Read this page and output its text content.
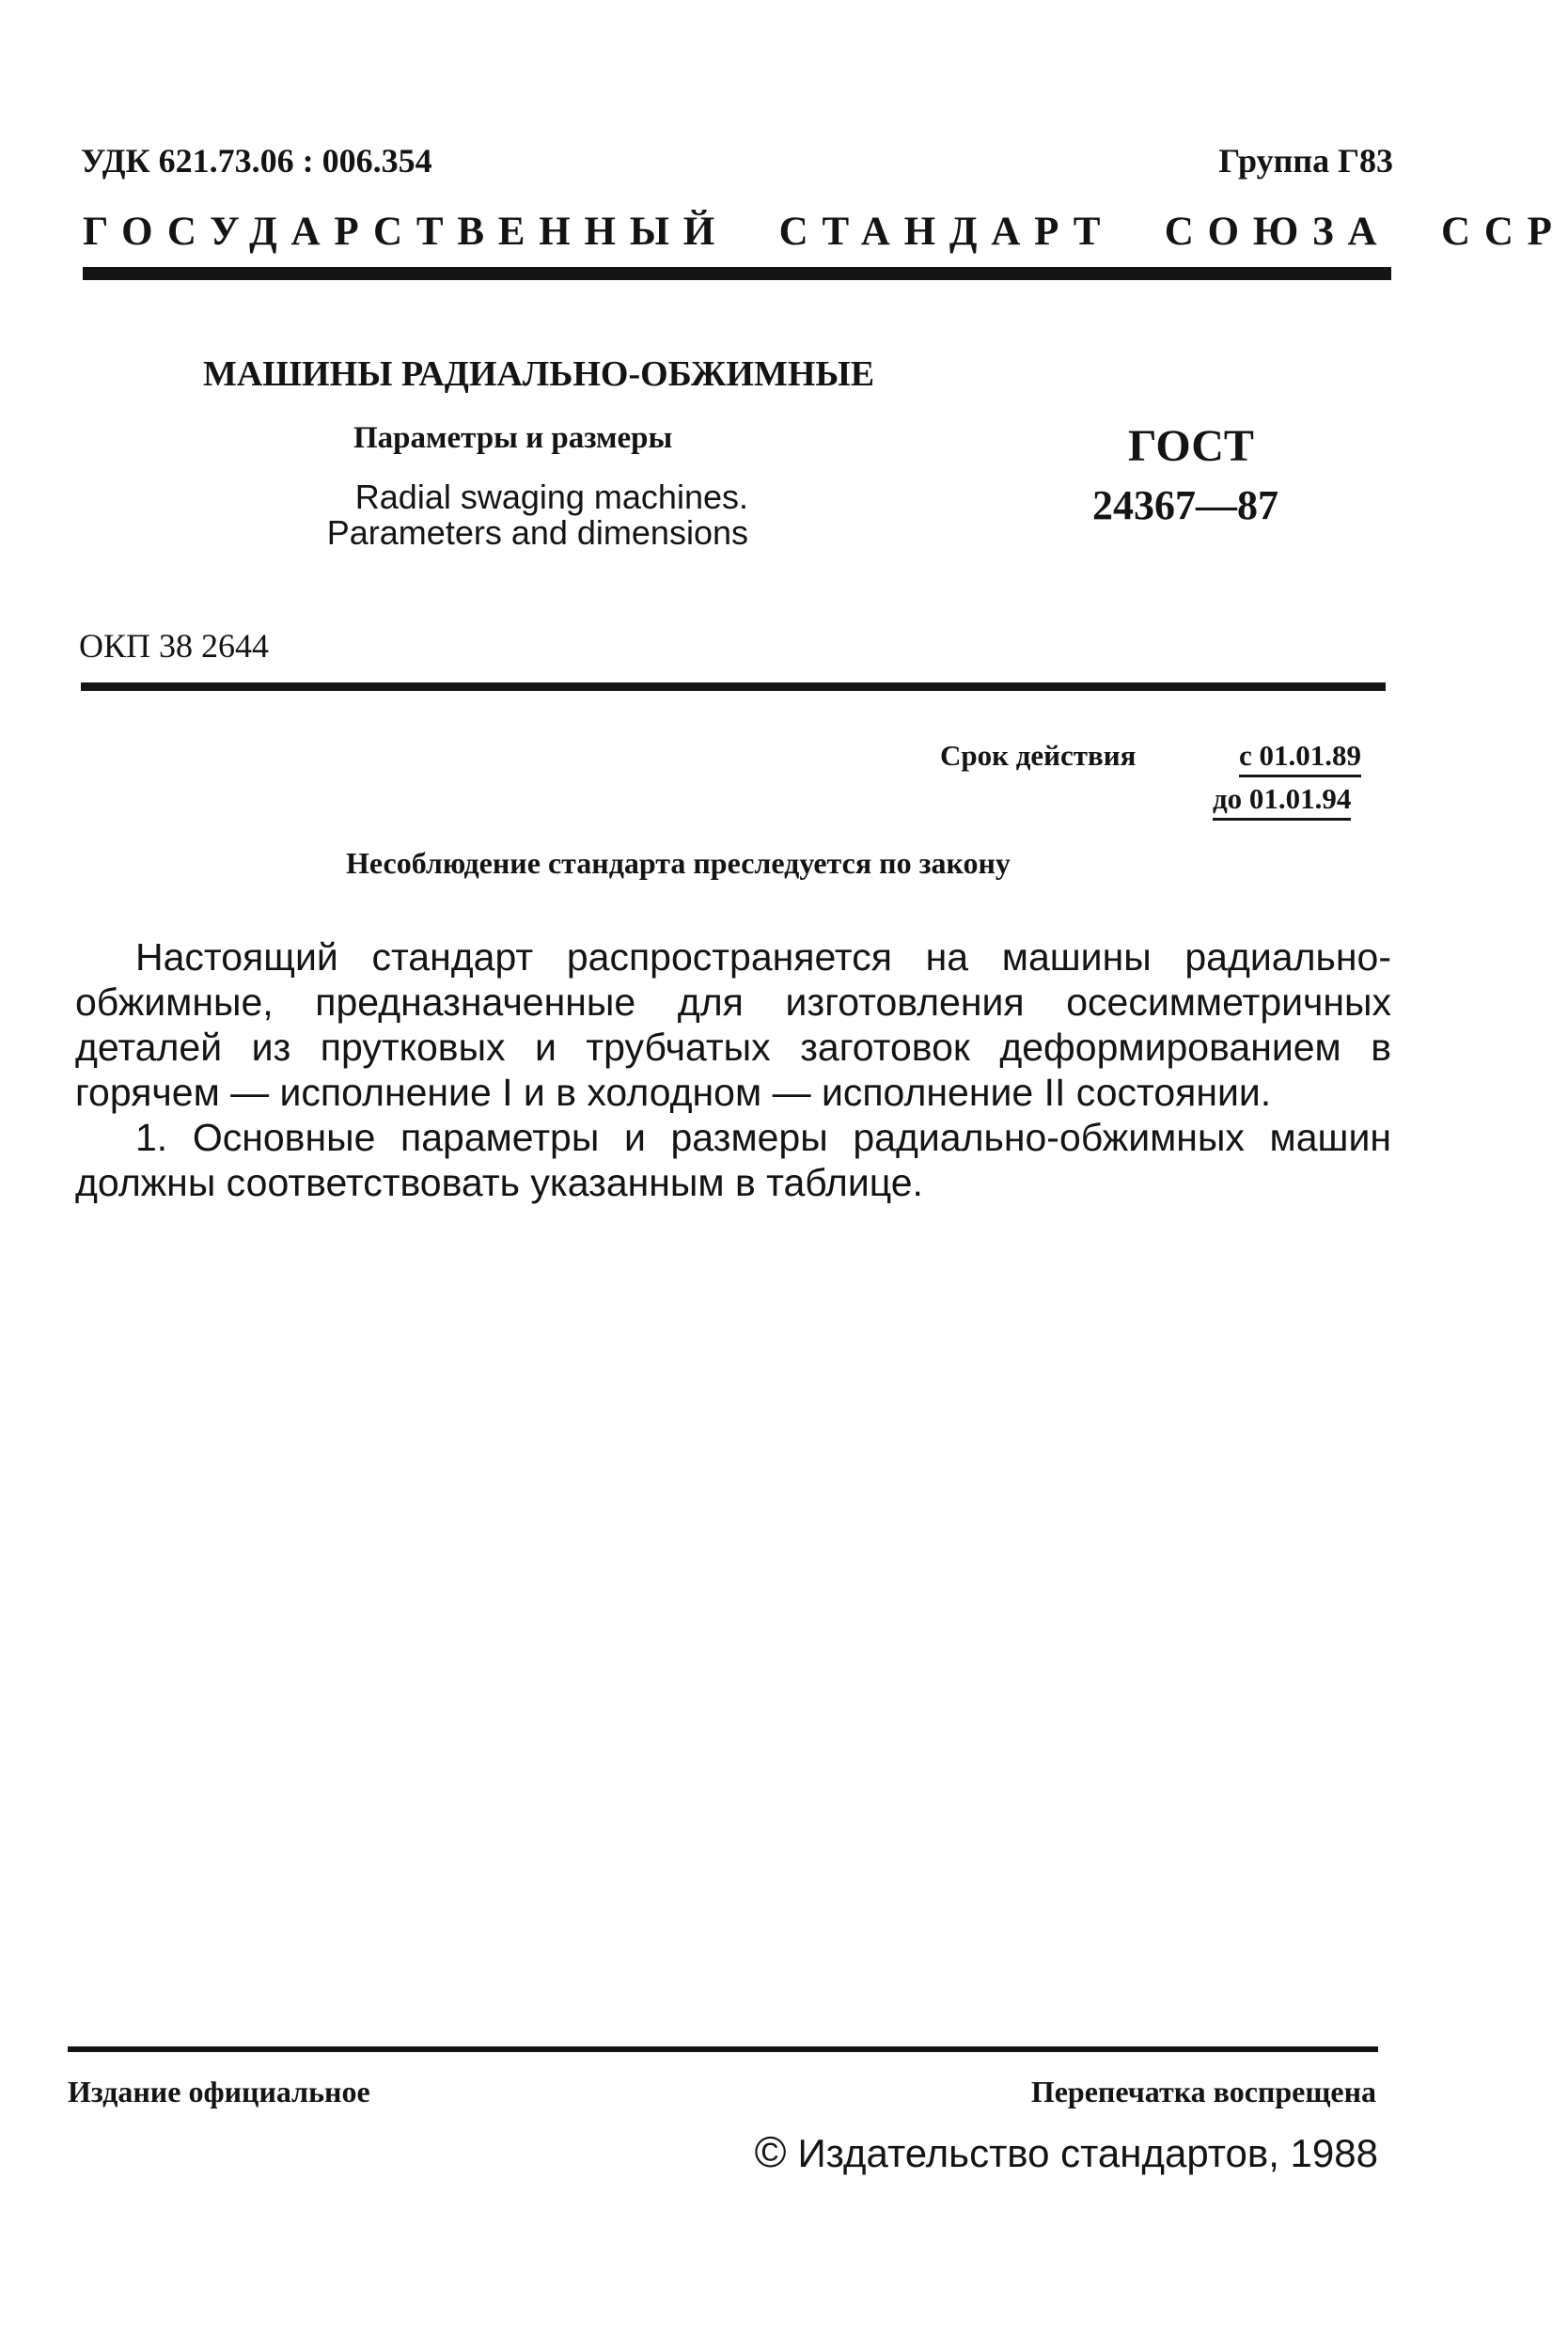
УДК 621.73.06 : 006.354	Группа Г83
ГОСУДАРСТВЕННЫЙ СТАНДАРТ СОЮЗА ССР
МАШИНЫ РАДИАЛЬНО-ОБЖИМНЫЕ
Параметры и размеры
Radial swaging machines.
Parameters and dimensions
ГОСТ
24367—87
ОКП 38 2644
Срок действия	с 01.01.89
до 01.01.94
Несоблюдение стандарта преследуется по закону

Настоящий стандарт распространяется на машины радиально-обжимные, предназначенные для изготовления осесимметричных деталей из прутковых и трубчатых заготовок деформированием в горячем — исполнение I и в холодном — исполнение II состоянии.

1. Основные параметры и размеры радиально-обжимных машин должны соответствовать указанным в таблице.

Издание официальное	Перепечатка воспрещена
© Издательство стандартов, 1988
